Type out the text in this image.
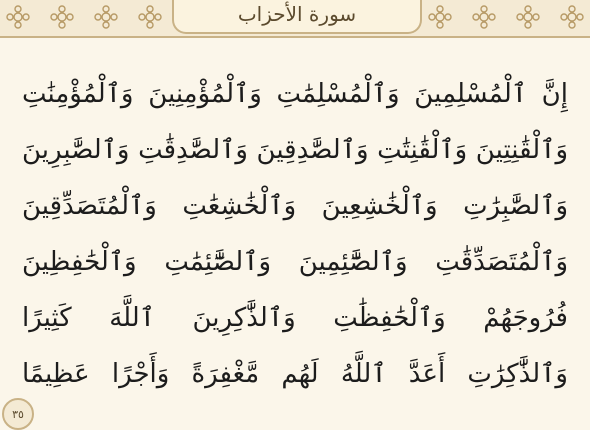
سورة الأحزاب
إِنَّ ٱلْمُسْلِمِينَ وَٱلْمُسْلِمَٰتِ وَٱلْمُؤْمِنِينَ وَٱلْمُؤْمِنَٰتِ
وَٱلْقَٰنِتِينَ وَٱلْقَٰنِتَٰتِ وَٱلصَّٰدِقِينَ وَٱلصَّٰدِقَٰتِ وَٱلصَّٰبِرِينَ
وَٱلصَّٰبِرَٰتِ وَٱلْخَٰشِعِينَ وَٱلْخَٰشِعَٰتِ وَٱلْمُتَصَدِّقِينَ
وَٱلْمُتَصَدِّقَٰتِ وَٱلصَّٰٓئِمِينَ وَٱلصَّٰٓئِمَٰتِ وَٱلْحَٰفِظِينَ
فُرُوجَهُمْ وَٱلْحَٰفِظَٰتِ وَٱلذَّٰكِرِينَ ٱللَّهَ كَثِيرًا
وَٱلذَّٰكِرَٰتِ أَعَدَّ ٱللَّهُ لَهُم مَّغْفِرَةً وَأَجْرًا عَظِيمًا
٣٥
